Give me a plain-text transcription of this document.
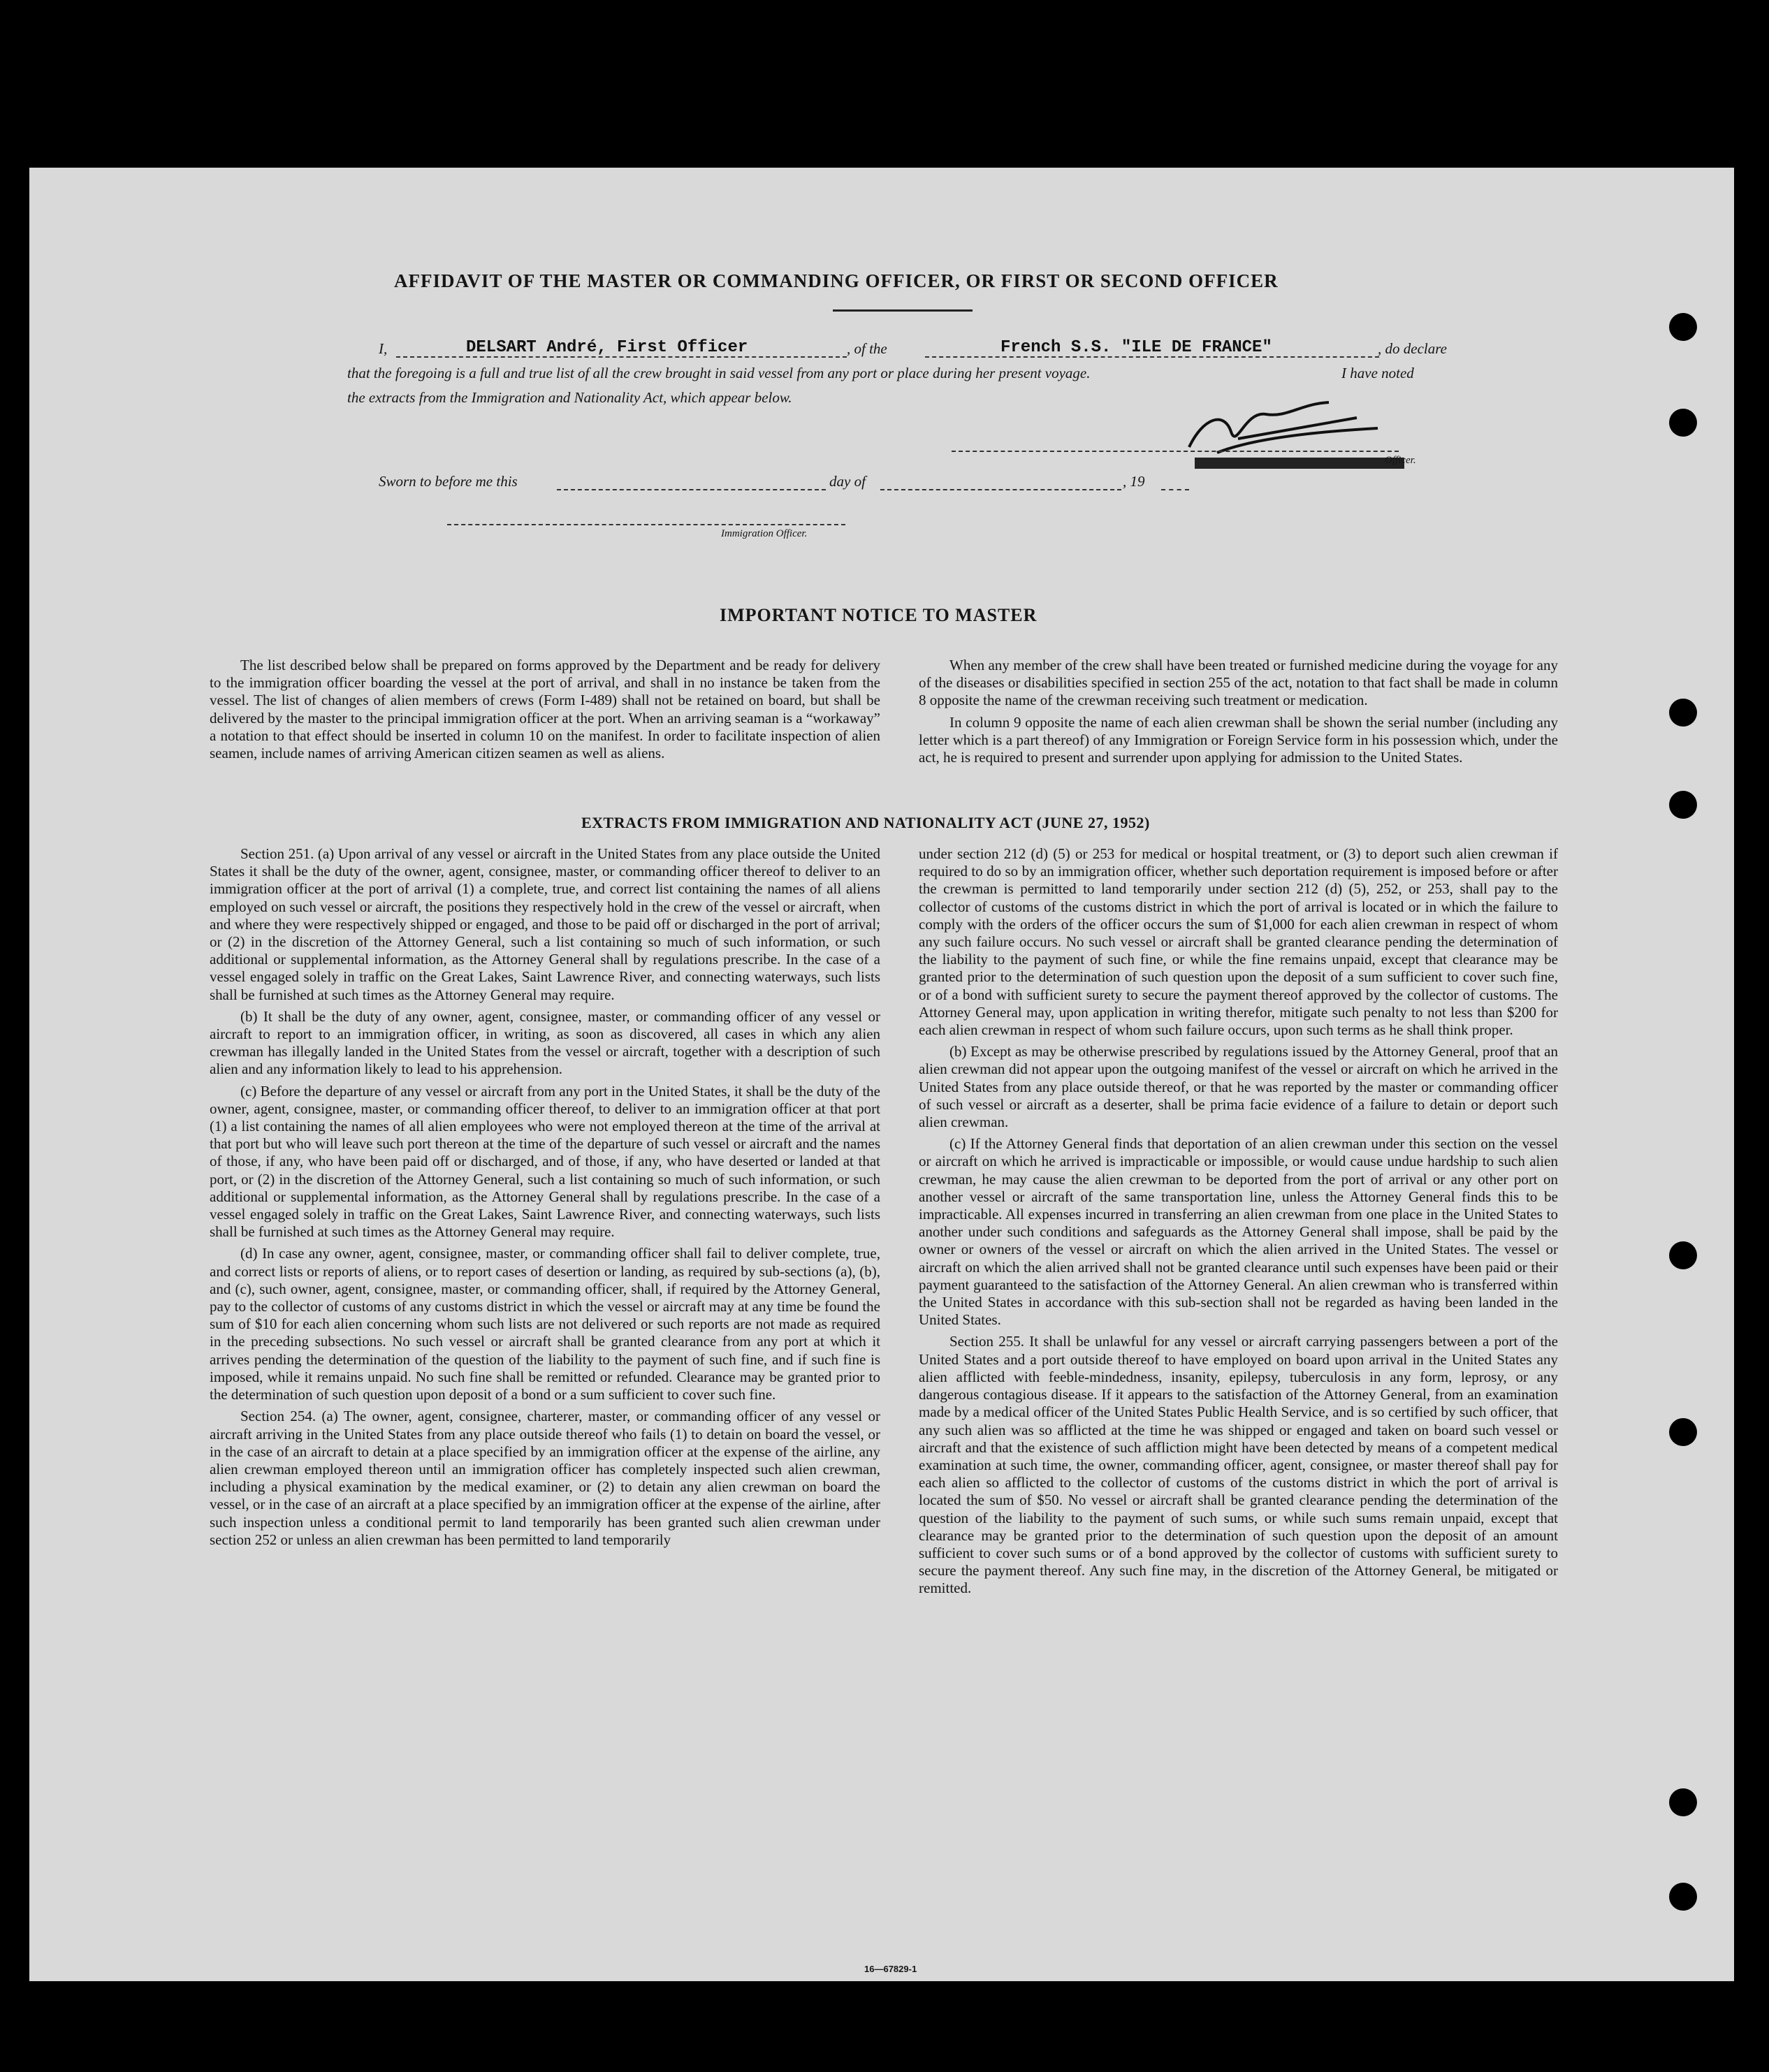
AFFIDAVIT OF THE MASTER OR COMMANDING OFFICER, OR FIRST OR SECOND OFFICER
I,	DELSART André, First Officer	, of the	French S.S. "ILE DE FRANCE"	, do declare
that the foregoing is a full and true list of all the crew brought in said vessel from any port or place during her present voyage.	I have noted
the extracts from the Immigration and Nationality Act, which appear below.
Officer.
Sworn to before me this	day of	, 19
Immigration Officer.
IMPORTANT NOTICE TO MASTER

The list described below shall be prepared on forms approved by the Department and be ready for delivery to the immigration officer boarding the vessel at the port of arrival, and shall in no instance be taken from the vessel. The list of changes of alien members of crews (Form I-489) shall not be retained on board, but shall be delivered by the master to the principal immigration officer at the port. When an arriving seaman is a “workaway” a notation to that effect should be inserted in column 10 on the manifest. In order to facilitate inspection of alien seamen, include names of arriving American citizen seamen as well as aliens.

When any member of the crew shall have been treated or furnished medicine during the voyage for any of the diseases or disabilities specified in section 255 of the act, notation to that fact shall be made in column 8 opposite the name of the crewman receiving such treatment or medication.

In column 9 opposite the name of each alien crewman shall be shown the serial number (including any letter which is a part thereof) of any Immigration or Foreign Service form in his possession which, under the act, he is required to present and surrender upon applying for admission to the United States.

EXTRACTS FROM IMMIGRATION AND NATIONALITY ACT (JUNE 27, 1952)

Section 251. (a) Upon arrival of any vessel or aircraft in the United States from any place outside the United States it shall be the duty of the owner, agent, consignee, master, or commanding officer thereof to deliver to an immigration officer at the port of arrival (1) a complete, true, and correct list containing the names of all aliens employed on such vessel or aircraft, the positions they respectively hold in the crew of the vessel or aircraft, when and where they were respectively shipped or engaged, and those to be paid off or discharged in the port of arrival; or (2) in the discretion of the Attorney General, such a list containing so much of such information, or such additional or supplemental information, as the Attorney General shall by regulations prescribe. In the case of a vessel engaged solely in traffic on the Great Lakes, Saint Lawrence River, and connecting waterways, such lists shall be furnished at such times as the Attorney General may require.

(b) It shall be the duty of any owner, agent, consignee, master, or commanding officer of any vessel or aircraft to report to an immigration officer, in writing, as soon as discovered, all cases in which any alien crewman has illegally landed in the United States from the vessel or aircraft, together with a description of such alien and any information likely to lead to his apprehension.

(c) Before the departure of any vessel or aircraft from any port in the United States, it shall be the duty of the owner, agent, consignee, master, or commanding officer thereof, to deliver to an immigration officer at that port (1) a list containing the names of all alien employees who were not employed thereon at the time of the arrival at that port but who will leave such port thereon at the time of the departure of such vessel or aircraft and the names of those, if any, who have been paid off or discharged, and of those, if any, who have deserted or landed at that port, or (2) in the discretion of the Attorney General, such a list containing so much of such information, or such additional or supplemental information, as the Attorney General shall by regulations prescribe. In the case of a vessel engaged solely in traffic on the Great Lakes, Saint Lawrence River, and connecting waterways, such lists shall be furnished at such times as the Attorney General may require.

(d) In case any owner, agent, consignee, master, or commanding officer shall fail to deliver complete, true, and correct lists or reports of aliens, or to report cases of desertion or landing, as required by sub-sections (a), (b), and (c), such owner, agent, consignee, master, or commanding officer, shall, if required by the Attorney General, pay to the collector of customs of any customs district in which the vessel or aircraft may at any time be found the sum of $10 for each alien concerning whom such lists are not delivered or such reports are not made as required in the preceding subsections. No such vessel or aircraft shall be granted clearance from any port at which it arrives pending the determination of the question of the liability to the payment of such fine, and if such fine is imposed, while it remains unpaid. No such fine shall be remitted or refunded. Clearance may be granted prior to the determination of such question upon deposit of a bond or a sum sufficient to cover such fine.

Section 254. (a) The owner, agent, consignee, charterer, master, or commanding officer of any vessel or aircraft arriving in the United States from any place outside thereof who fails (1) to detain on board the vessel, or in the case of an aircraft to detain at a place specified by an immigration officer at the expense of the airline, any alien crewman employed thereon until an immigration officer has completely inspected such alien crewman, including a physical examination by the medical examiner, or (2) to detain any alien crewman on board the vessel, or in the case of an aircraft at a place specified by an immigration officer at the expense of the airline, after such inspection unless a conditional permit to land temporarily has been granted such alien crewman under section 252 or unless an alien crewman has been permitted to land temporarily

under section 212 (d) (5) or 253 for medical or hospital treatment, or (3) to deport such alien crewman if required to do so by an immigration officer, whether such deportation requirement is imposed before or after the crewman is permitted to land temporarily under section 212 (d) (5), 252, or 253, shall pay to the collector of customs of the customs district in which the port of arrival is located or in which the failure to comply with the orders of the officer occurs the sum of $1,000 for each alien crewman in respect of whom any such failure occurs. No such vessel or aircraft shall be granted clearance pending the determination of the liability to the payment of such fine, or while the fine remains unpaid, except that clearance may be granted prior to the determination of such question upon the deposit of a sum sufficient to cover such fine, or of a bond with sufficient surety to secure the payment thereof approved by the collector of customs. The Attorney General may, upon application in writing therefor, mitigate such penalty to not less than $200 for each alien crewman in respect of whom such failure occurs, upon such terms as he shall think proper.

(b) Except as may be otherwise prescribed by regulations issued by the Attorney General, proof that an alien crewman did not appear upon the outgoing manifest of the vessel or aircraft on which he arrived in the United States from any place outside thereof, or that he was reported by the master or commanding officer of such vessel or aircraft as a deserter, shall be prima facie evidence of a failure to detain or deport such alien crewman.

(c) If the Attorney General finds that deportation of an alien crewman under this section on the vessel or aircraft on which he arrived is impracticable or impossible, or would cause undue hardship to such alien crewman, he may cause the alien crewman to be deported from the port of arrival or any other port on another vessel or aircraft of the same transportation line, unless the Attorney General finds this to be impracticable. All expenses incurred in transferring an alien crewman from one place in the United States to another under such conditions and safeguards as the Attorney General shall impose, shall be paid by the owner or owners of the vessel or aircraft on which the alien arrived in the United States. The vessel or aircraft on which the alien arrived shall not be granted clearance until such expenses have been paid or their payment guaranteed to the satisfaction of the Attorney General. An alien crewman who is transferred within the United States in accordance with this sub-section shall not be regarded as having been landed in the United States.

Section 255. It shall be unlawful for any vessel or aircraft carrying passengers between a port of the United States and a port outside thereof to have employed on board upon arrival in the United States any alien afflicted with feeble-mindedness, insanity, epilepsy, tuberculosis in any form, leprosy, or any dangerous contagious disease. If it appears to the satisfaction of the Attorney General, from an examination made by a medical officer of the United States Public Health Service, and is so certified by such officer, that any such alien was so afflicted at the time he was shipped or engaged and taken on board such vessel or aircraft and that the existence of such affliction might have been detected by means of a competent medical examination at such time, the owner, commanding officer, agent, consignee, or master thereof shall pay for each alien so afflicted to the collector of customs of the customs district in which the port of arrival is located the sum of $50. No vessel or aircraft shall be granted clearance pending the determination of the question of the liability to the payment of such sums, or while such sums remain unpaid, except that clearance may be granted prior to the determination of such question upon the deposit of an amount sufficient to cover such sums or of a bond approved by the collector of customs with sufficient surety to secure the payment thereof. Any such fine may, in the discretion of the Attorney General, be mitigated or remitted.

16—67829-1
